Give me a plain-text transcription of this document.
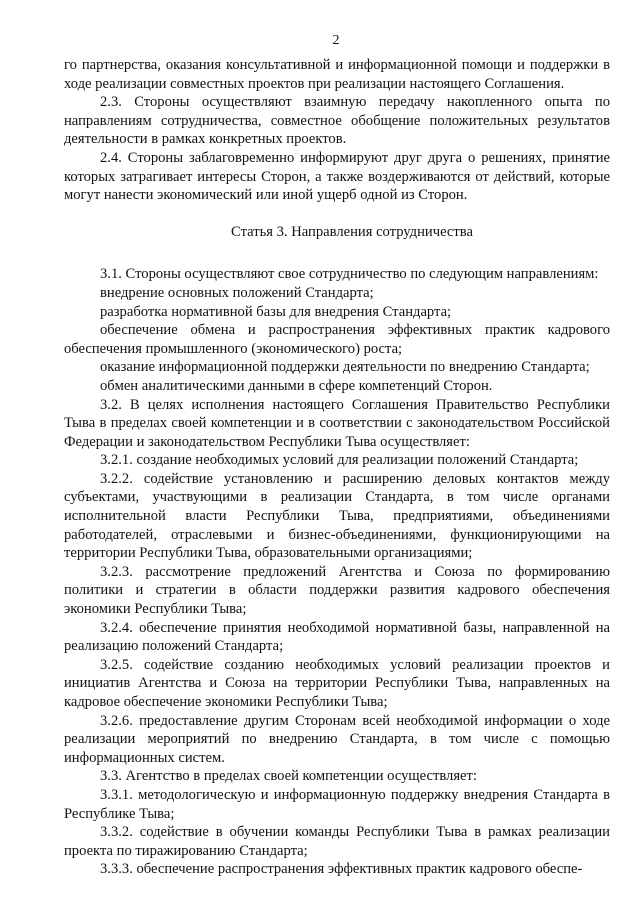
2

го партнерства, оказания консультативной и информационной помощи и поддержки в ходе реализации совместных проектов при реализации настоящего Соглашения.

2.3. Стороны осуществляют взаимную передачу накопленного опыта по направлениям сотрудничества, совместное обобщение положительных результатов деятельности в рамках конкретных проектов.

2.4. Стороны заблаговременно информируют друг друга о решениях, принятие которых затрагивает интересы Сторон, а также воздерживаются от действий, которые могут нанести экономический или иной ущерб одной из Сторон.

Статья 3. Направления сотрудничества

3.1. Стороны осуществляют свое сотрудничество по следующим направлениям:

внедрение основных положений Стандарта;

разработка нормативной базы для внедрения Стандарта;

обеспечение обмена и распространения эффективных практик кадрового обеспечения промышленного (экономического) роста;

оказание информационной поддержки деятельности по внедрению Стандарта;

обмен аналитическими данными в сфере компетенций Сторон.

3.2. В целях исполнения настоящего Соглашения Правительство Республики Тыва в пределах своей компетенции и в соответствии с законодательством Российской Федерации и законодательством Республики Тыва осуществляет:

3.2.1. создание необходимых условий для реализации положений Стандарта;

3.2.2. содействие установлению и расширению деловых контактов между субъектами, участвующими в реализации Стандарта, в том числе органами исполнительной власти Республики Тыва, предприятиями, объединениями работодателей, отраслевыми и бизнес-объединениями, функционирующими на территории Республики Тыва, образовательными организациями;

3.2.3. рассмотрение предложений Агентства и Союза по формированию политики и стратегии в области поддержки развития кадрового обеспечения экономики Республики Тыва;

3.2.4. обеспечение принятия необходимой нормативной базы, направленной на реализацию положений Стандарта;

3.2.5. содействие созданию необходимых условий реализации проектов и инициатив Агентства и Союза на территории Республики Тыва, направленных на кадровое обеспечение экономики Республики Тыва;

3.2.6. предоставление другим Сторонам всей необходимой информации о ходе реализации мероприятий по внедрению Стандарта, в том числе с помощью информационных систем.

3.3. Агентство в пределах своей компетенции осуществляет:

3.3.1. методологическую и информационную поддержку внедрения Стандарта в Республике Тыва;

3.3.2. содействие в обучении команды Республики Тыва в рамках реализации проекта по тиражированию Стандарта;

3.3.3. обеспечение распространения эффективных практик кадрового обеспе-
